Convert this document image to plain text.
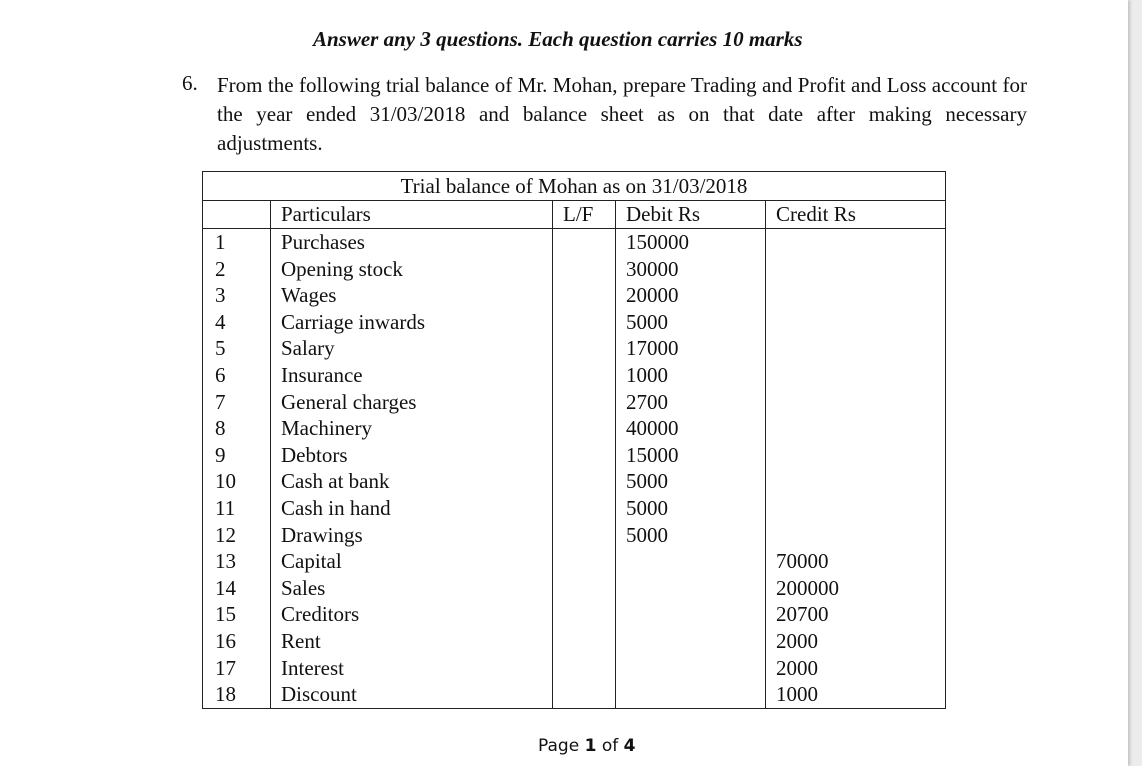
Answer any 3 questions. Each question carries 10 marks
6. From the following trial balance of Mr. Mohan, prepare Trading and Profit and Loss account for the year ended 31/03/2018 and balance sheet as on that date after making necessary adjustments.
Trial balance of Mohan as on 31/03/2018				
	Particulars	L/F	Debit Rs	Credit Rs
1	Purchases		150000	
2	Opening stock		30000	
3	Wages		20000	
4	Carriage inwards		5000	
5	Salary		17000	
6	Insurance		1000	
7	General charges		2700	
8	Machinery		40000	
9	Debtors		15000	
10	Cash at bank		5000	
11	Cash in hand		5000	
12	Drawings		5000	
13	Capital			70000
14	Sales			200000
15	Creditors			20700
16	Rent			2000
17	Interest			2000
18	Discount			1000
Page 1 of 4
